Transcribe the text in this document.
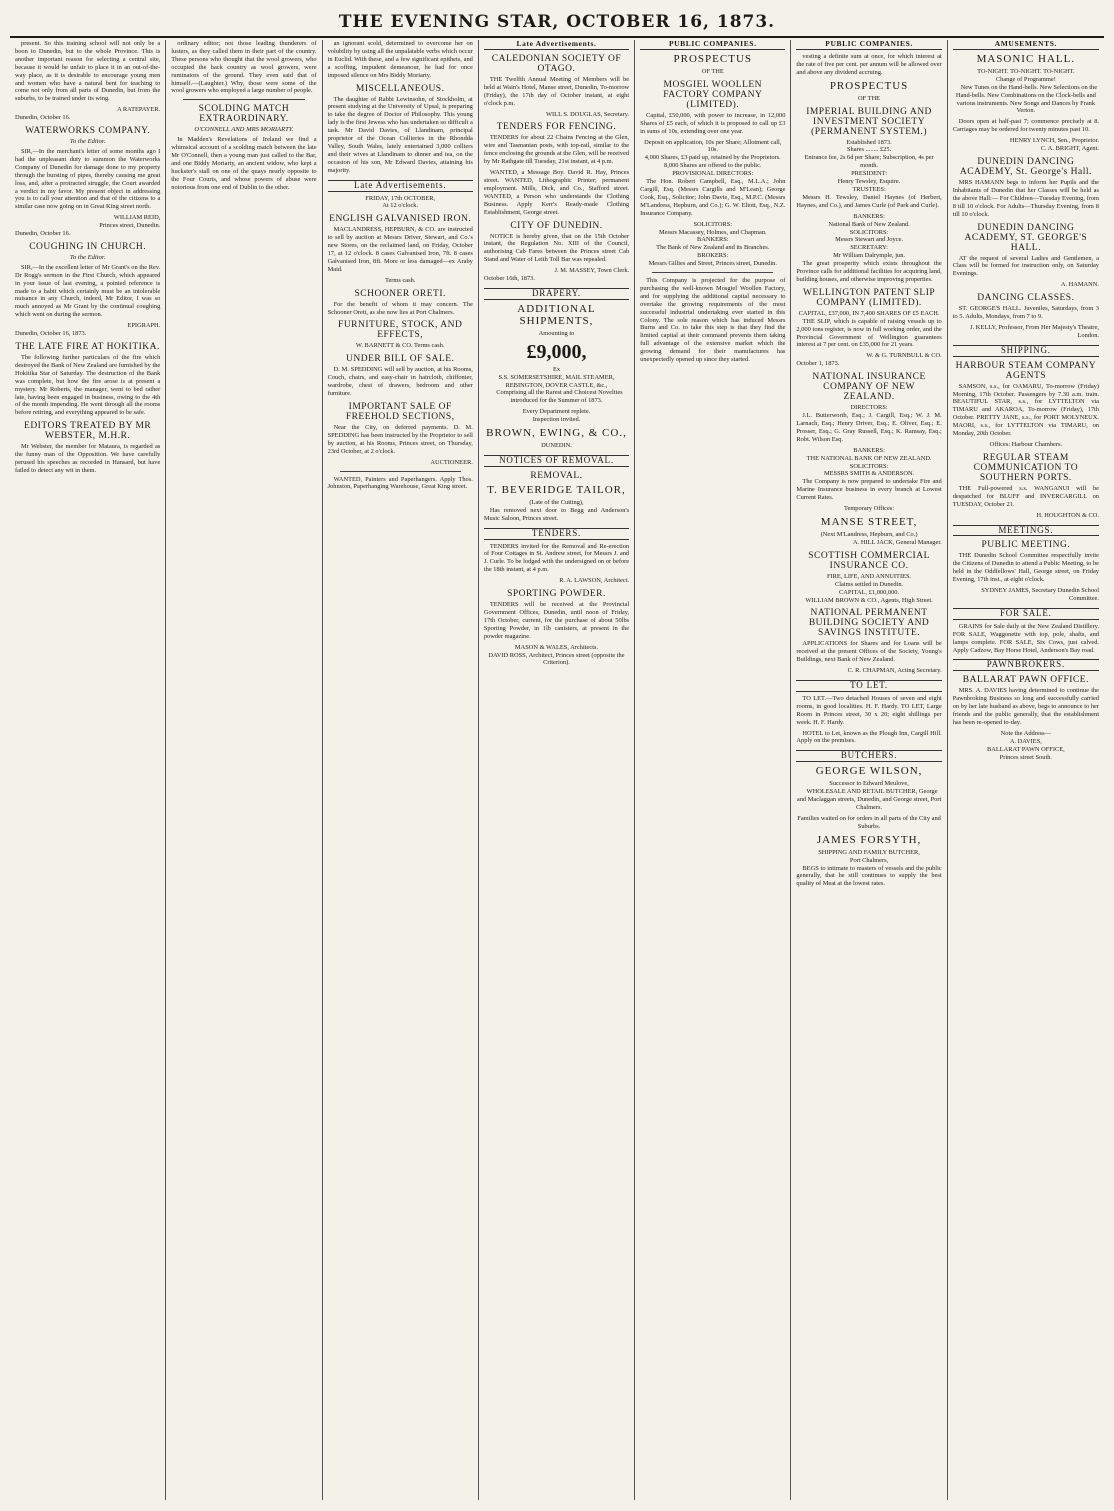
THE EVENING STAR, OCTOBER 16, 1873.
present. So this training school will not only be a boon to Dunedin, but to the whole Province. This is another important reason for selecting a central site, because it would be unfair to place it in an out-of-the-way place, as it is desirable to encourage young men and women who have a natural bent for teaching to come not only from all parts of Dunedin, but from the suburbs, to be trained under its wing.
A RATEPAYER.
Dunedin, October 16.
WATERWORKS COMPANY.
To the Editor.
SIR,—In the merchant's letter of some months ago I had the unpleasant duty to summon the Waterworks Company of Dunedin for damage done to my property through the bursting of pipes, thereby causing me great loss, and, after a protracted struggle, the Court awarded a verdict in my favor. My present object in addressing you is to call your attention and that of the citizens to a similar case now going on in Great King street north.
WILLIAM REID,
Princes street, Dunedin.
Dunedin, October 16.
COUGHING IN CHURCH.
To the Editor.
SIR,—In the excellent letter of Mr Grant's on the Rev. Dr Rogg's sermon in the First Church, which appeared in your issue of last evening, a pointed reference is made to a habit which certainly must be an intolerable nuisance in any Church, indeed, Mr Editor, I was so much annoyed as Mr Grant by the continual coughing which went on during the sermon.
EPIGRAPH.
Dunedin, October 16, 1873.
THE LATE FIRE AT HOKITIKA.
The following further particulars of the fire which destroyed the Bank of New Zealand are furnished by the Hokitika Star of Saturday. The destruction of the Bank was complete, but how the fire arose is at present a mystery. Mr Roberts, the manager, went to bed rather late, having been engaged in business, owing to the 4th of the month impending. He went through all the rooms before retiring, and everything appeared to be safe.
EDITORS TREATED BY MR WEBSTER, M.H.R.
Mr Webster, the member for Mataura, is regarded as the funny man of the Opposition. We have carefully perused his speeches as recorded in Hansard, but have failed to detect any wit in them.
ordinary editor; not those leading thunderers of lusters, as they called them in their part of the country. These persons who thought that the wool growers, who occupied the back country as wool growers, were ruminators of the ground. They even said that of himself.—(Laughter.) Why, those were some of the wool growers who employed a large number of people.
SCOLDING MATCH EXTRAORDINARY.
O'CONNELL AND MRS MORIARTY.
In Madden's Revelations of Ireland we find a whimsical account of a scolding match between the late Mr O'Connell, then a young man just called to the Bar, and one Biddy Moriarty, an ancient widow, who kept a huckster's stall on one of the quays nearly opposite to the Four Courts, and whose powers of abuse were notorious from one end of Dublin to the other.
an ignorant scold, determined to overcome her on volubility by using all the unpalatable verbs which occur in Euclid. With these, and a few significant epithets, and a scoffing, impudent demeanour, he had for once imposed silence on Mrs Biddy Moriarty.
MISCELLANEOUS.
The daughter of Rabbi Lewinsohn, of Stockholm, at present studying at the University of Upsal, is preparing to take the degree of Doctor of Philosophy. This young lady is the first Jewess who has undertaken so difficult a task. Mr David Davies, of Llandinam, principal proprietor of the Ocean Collieries in the Rhondda Valley, South Wales, lately entertained 3,000 colliers and their wives at Llandinam to dinner and tea, on the occasion of his son, Mr Edward Davies, attaining his majority.
Late Advertisements.
FRIDAY, 17th OCTOBER,
At 12 o'clock.
ENGLISH GALVANISED IRON.
MACLANDRESS, HEPBURN, & CO. are instructed to sell by auction at Messrs Driver, Stewart, and Co.'s new Stores, on the reclaimed land, on Friday, October 17, at 12 o'clock. 8 cases Galvanised Iron, 7ft. 8 cases Galvanised Iron, 8ft. More or less damaged—ex Araby Maid.
Terms cash.
SCHOONER ORETI.
For the benefit of whom it may concern. The Schooner Oreti, as she now lies at Port Chalmers.
FURNITURE, STOCK, AND EFFECTS,
W. BARNETT & CO. Terms cash.
UNDER BILL OF SALE.
D. M. SPEDDING will sell by auction, at his Rooms, Couch, chairs, and easy-chair in haircloth, chiffonier, wardrobe, chest of drawers, bedroom and other furniture.
IMPORTANT SALE OF FREEHOLD SECTIONS,
Near the City, on deferred payments. D. M. SPEDDING has been instructed by the Proprietor to sell by auction, at his Rooms, Princes street, on Thursday, 23rd October, at 2 o'clock.
AUCTIONEER.
WANTED, Painters and Paperhangers. Apply Thos. Johnston, Paperhanging Warehouse, Great King street.
Late Advertisements.
CALEDONIAN SOCIETY OF OTAGO.
THE Twelfth Annual Meeting of Members will be held at Wain's Hotel, Manse street, Dunedin, To-morrow (Friday), the 17th day of October instant, at eight o'clock p.m.
WILL S. DOUGLAS, Secretary.
TENDERS FOR FENCING.
TENDERS for about 22 Chains Fencing at the Glen, wire and Tasmanian posts, with top-rail, similar to the fence enclosing the grounds at the Glen, will be received by Mr Rathgate till Tuesday, 21st instant, at 4 p.m.
WANTED, a Message Boy. David R. Hay, Princes street. WANTED, Lithographic Printer; permanent employment. Mills, Dick, and Co., Stafford street. WANTED, a Person who understands the Clothing Business. Apply Kerr's Ready-made Clothing Establishment, George street.
CITY OF DUNEDIN.
NOTICE is hereby given, that on the 15th October instant, the Regulation No. XIII of the Council, authorising Cab Fares between the Princes street Cab Stand and Water of Leith Toll Bar was repealed.
J. M. MASSEY, Town Clerk.
October 16th, 1873.
DRAPERY.
ADDITIONAL SHIPMENTS,
Amounting to
£9,000,
Ex
S.S. SOMERSETSHIRE, MAIL STEAMER, REBINGTON, DOVER CASTLE, &c.,
Comprising all the Rarest and Choicest Novelties introduced for the Summer of 1873.
Every Department replete.
Inspection invited.
BROWN, EWING, & CO.,
DUNEDIN.
NOTICES OF REMOVAL.
REMOVAL.
T. BEVERIDGE TAILOR,
(Late of the Cutting),
Has removed next door to Begg and Anderson's Music Saloon, Princes street.
TENDERS.
TENDERS invited for the Removal and Re-erection of Four Cottages in St. Andrew street, for Messrs J. and J. Curle. To be lodged with the undersigned on or before the 18th instant, at 4 p.m.
R. A. LAWSON, Architect.
SPORTING POWDER.
TENDERS will be received at the Provincial Government Offices, Dunedin, until noon of Friday, 17th October, current, for the purchase of about 50lbs Sporting Powder, in 1lb canisters, at present in the powder magazine.
MASON & WALES, Architects.
DAVID ROSS, Architect, Princes street (opposite the Criterion).
PUBLIC COMPANIES.
PROSPECTUS
OF THE
MOSGIEL WOOLLEN FACTORY COMPANY (LIMITED).
Capital, £50,000, with power to increase, in 12,000 Shares of £5 each, of which it is proposed to call up £3 in sums of 10s, extending over one year.
Deposit on application, 10s per Share; Allotment call, 10s.
4,000 Shares, £3 paid up, retained by the Proprietors.
8,000 Shares are offered to the public.
PROVISIONAL DIRECTORS:
The Hon. Robert Campbell, Esq., M.L.A.; John Cargill, Esq. (Messrs Cargills and M'Lean); George Cook, Esq., Solicitor; John Davie, Esq., M.P.C. (Messrs M'Landress, Hepburn, and Co.); G. W. Eliott, Esq., N.Z. Insurance Company.
SOLICITORS:
Messrs Macassey, Holmes, and Chapman.
BANKERS:
The Bank of New Zealand and its Branches.
BROKERS:
Messrs Gillies and Street, Princes street, Dunedin.
This Company is projected for the purpose of purchasing the well-known Mosgiel Woollen Factory, and for supplying the additional capital necessary to overtake the growing requirements of the most successful industrial undertaking ever started in this Colony. The sole reason which has induced Messrs Burns and Co. to take this step is that they find the limited capital at their command prevents them taking full advantage of the extensive market which the growing demand for their manufactures has unexpectedly opened up since they started.
PUBLIC COMPANIES.
vesting a definite sum at once, for which interest at the rate of five per cent. per annum will be allowed over and above any dividend accruing.
PROSPECTUS
OF THE
IMPERIAL BUILDING AND INVESTMENT SOCIETY (PERMANENT SYSTEM.)
Established 1873.
Shares ........ £25.
Entrance fee, 2s 6d per Share; Subscription, 4s per month.
PRESIDENT:
Henry Tewsley, Esquire.
TRUSTEES:
Messrs H. Tewsley, Daniel Haynes (of Herbert, Haynes, and Co.), and James Curle (of Park and Curle).
BANKERS:
National Bank of New Zealand.
SOLICITORS:
Messrs Stewart and Joyce.
SECRETARY:
Mr William Dalrymple, jun.
The great prosperity which exists throughout the Province calls for additional facilities for acquiring land, building houses, and otherwise improving properties.
WELLINGTON PATENT SLIP COMPANY (LIMITED).
CAPITAL, £37,000, IN 7,400 SHARES OF £5 EACH.
THE SLIP, which is capable of raising vessels up to 2,000 tons register, is now in full working order, and the Provincial Government of Wellington guarantees interest at 7 per cent. on £35,000 for 21 years.
W. & G. TURNBULL & CO.
October 1, 1873.
NATIONAL INSURANCE COMPANY OF NEW ZEALAND.
DIRECTORS:
J.L. Butterworth, Esq.; J. Cargill, Esq.; W. J. M. Larnach, Esq.; Henry Driver, Esq.; E. Oliver, Esq.; E. Prosser, Esq.; G. Gray Russell, Esq.; K. Ramsay, Esq.; Robt. Wilson Esq.
BANKERS:
THE NATIONAL BANK OF NEW ZEALAND.
SOLICITORS:
MESSRS SMITH & ANDERSON.
The Company is now prepared to undertake Fire and Marine Insurance business in every branch at Lowest Current Rates.
Temporary Offices:
MANSE STREET,
(Next M'Landress, Hepburn, and Co.)
A. HILL JACK, General Manager.
SCOTTISH COMMERCIAL INSURANCE CO.
FIRE, LIFE, AND ANNUITIES.
Claims settled in Dunedin.
CAPITAL, £1,000,000.
WILLIAM BROWN & CO., Agents, High Street.
NATIONAL PERMANENT BUILDING SOCIETY AND SAVINGS INSTITUTE.
APPLICATIONS for Shares and for Loans will be received at the present Offices of the Society, Young's Buildings, next Bank of New Zealand.
C. R. CHAPMAN, Acting Secretary.
TO LET.
TO LET.—Two detached Houses of seven and eight rooms, in good localities. H. F. Hardy. TO LET, Large Room in Princes street, 30 x 20; eight shillings per week. H. F. Hardy.
HOTEL to Let, known as the Plough Inn, Cargill Hill. Apply on the premises.
BUTCHERS.
GEORGE WILSON,
Successor to Edward Meulove,
WHOLESALE AND RETAIL BUTCHER, George and Maclaggan streets, Dunedin, and George street, Port Chalmers.
Families waited on for orders in all parts of the City and Suburbs.
JAMES FORSYTH,
SHIPPING AND FAMILY BUTCHER,
Port Chalmers,
BEGS to intimate to masters of vessels and the public generally, that he still continues to supply the best quality of Meat at the lowest rates.
AMUSEMENTS.
MASONIC HALL.
TO-NIGHT. TO-NIGHT. TO-NIGHT.
Change of Programme!
New Tunes on the Hand-bells. New Selections on the Hand-bells. New Combinations on the Clock-bells and various instruments. New Songs and Dances by Frank Verton.
Doors open at half-past 7; commence precisely at 8. Carriages may be ordered for twenty minutes past 10.
HENRY LYNCH, Sen., Proprietor.
C. A. BRIGHT, Agent.
DUNEDIN DANCING ACADEMY, St. George's Hall.
MRS HAMANN begs to inform her Pupils and the Inhabitants of Dunedin that her Classes will be held as the above Hall:— For Children—Tuesday Evening, from 8 till 10 o'clock. For Adults—Thursday Evening, from 8 till 10 o'clock.
DUNEDIN DANCING ACADEMY, ST. GEORGE'S HALL.
AT the request of several Ladies and Gentlemen, a Class will be formed for instruction only, on Saturday Evenings.
A. HAMANN.
DANCING CLASSES.
ST. GEORGE'S HALL. Juveniles, Saturdays, from 3 to 5. Adults, Mondays, from 7 to 9.
J. KELLY, Professor, From Her Majesty's Theatre, London.
SHIPPING.
HARBOUR STEAM COMPANY AGENTS
SAMSON, s.s., for OAMARU, To-morrow (Friday) Morning, 17th October. Passengers by 7.30 a.m. train. BEAUTIFUL STAR, s.s., for LYTTELTON via TIMARU and AKAROA, To-morrow (Friday), 17th October. PRETTY JANE, s.s., for PORT MOLYNEUX. MAORI, s.s., for LYTTELTON via TIMARU, on Monday, 20th October.
Offices: Harbour Chambers.
REGULAR STEAM COMMUNICATION TO SOUTHERN PORTS.
THE Full-powered s.s. WANGANUI will be despatched for BLUFF and INVERCARGILL on TUESDAY, October 21.
H. HOUGHTON & CO.
MEETINGS.
PUBLIC MEETING.
THE Dunedin School Committee respectfully invite the Citizens of Dunedin to attend a Public Meeting, to be held in the Oddfellows' Hall, George street, on Friday Evening, 17th inst., at eight o'clock.
SYDNEY JAMES, Secretary Dunedin School Committee.
FOR SALE.
GRAINS for Sale daily at the New Zealand Distillery. FOR SALE, Waggonette with top, pole, shafts, and lamps complete. FOR SALE, Six Cows, just calved. Apply Cadzow, Bay Horse Hotel, Anderson's Bay road.
PAWNBROKERS.
BALLARAT PAWN OFFICE.
MRS. A. DAVIES having determined to continue the Pawnbroking Business so long and successfully carried on by her late husband as above, begs to announce to her friends and the public generally, that the establishment has been re-opened to-day.
Note the Address—
A. DAVIES,
BALLARAT PAWN OFFICE,
Princes street South.
